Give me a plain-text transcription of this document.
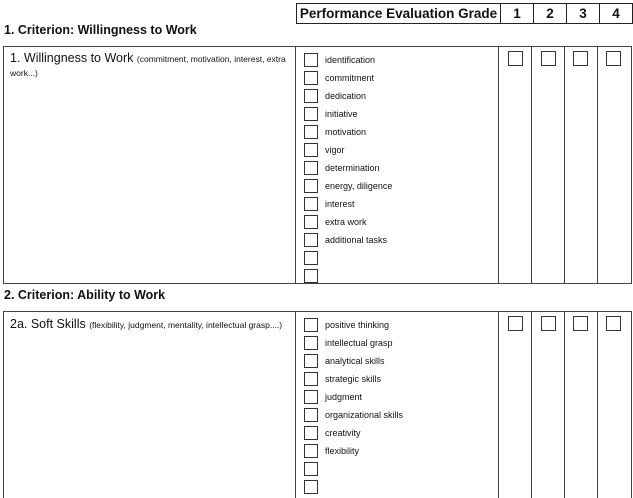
Performance Evaluation Grade	1	2	3	4
1. Criterion: Willingness to Work
1. Willingness to Work (commitment, motivation, interest, extra work...)
identification
commitment
dedication
initiative
motivation
vigor
determination
energy, diligence
interest
extra work
additional tasks
2. Criterion: Ability to Work
2a. Soft Skills (flexibility, judgment, mentality, intellectual grasp....)	positive thinking
intellectual grasp
analytical skills
strategic skills
judgment
organizational skills
creativity
flexibility
